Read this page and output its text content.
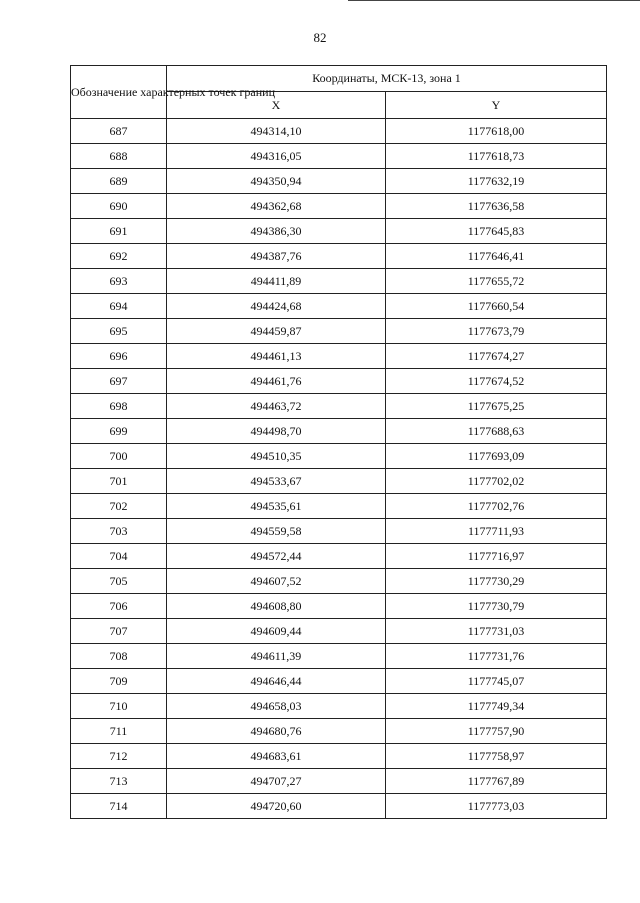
82
Обозначение характерных точек границ	Координаты, МСК-13, зона 1	
	X	Y
687	494314,10	1177618,00
688	494316,05	1177618,73
689	494350,94	1177632,19
690	494362,68	1177636,58
691	494386,30	1177645,83
692	494387,76	1177646,41
693	494411,89	1177655,72
694	494424,68	1177660,54
695	494459,87	1177673,79
696	494461,13	1177674,27
697	494461,76	1177674,52
698	494463,72	1177675,25
699	494498,70	1177688,63
700	494510,35	1177693,09
701	494533,67	1177702,02
702	494535,61	1177702,76
703	494559,58	1177711,93
704	494572,44	1177716,97
705	494607,52	1177730,29
706	494608,80	1177730,79
707	494609,44	1177731,03
708	494611,39	1177731,76
709	494646,44	1177745,07
710	494658,03	1177749,34
711	494680,76	1177757,90
712	494683,61	1177758,97
713	494707,27	1177767,89
714	494720,60	1177773,03
